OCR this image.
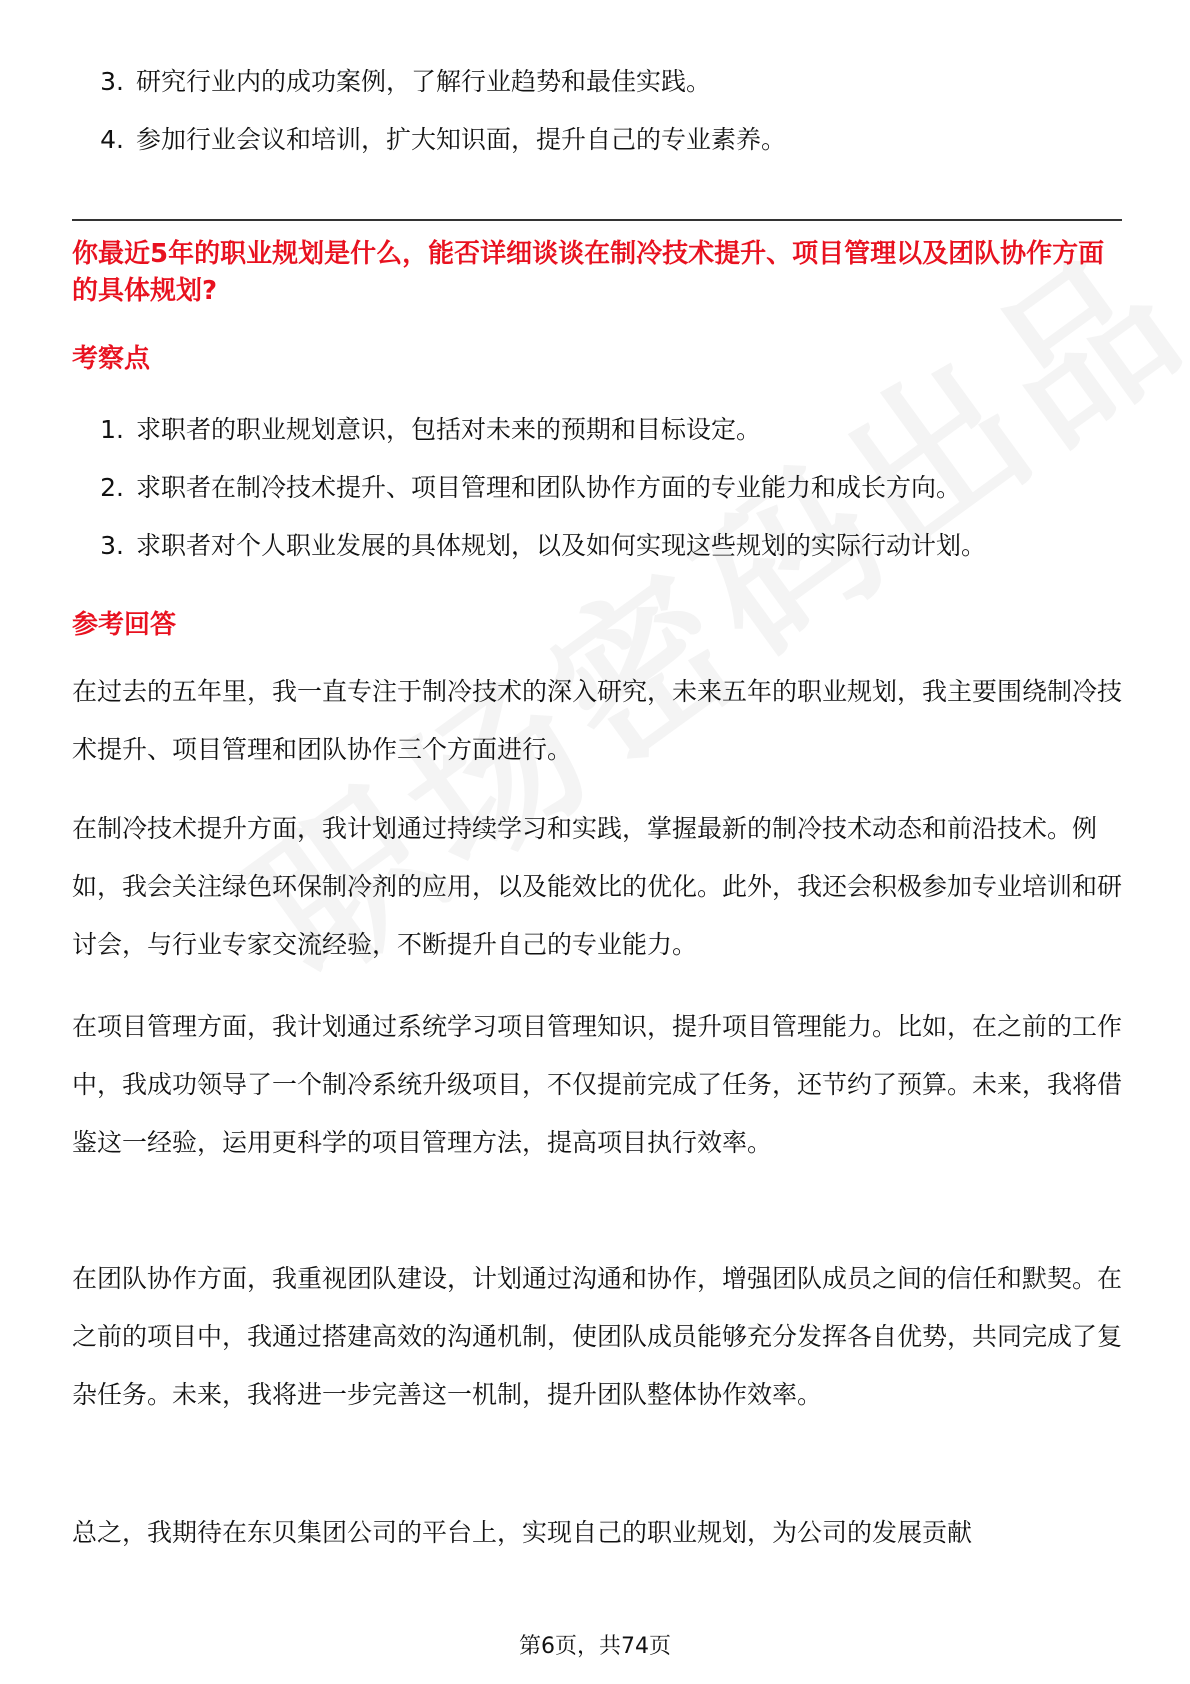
3. 研究行业内的成功案例，了解行业趋势和最佳实践。
4. 参加行业会议和培训，扩大知识面，提升自己的专业素养。
你最近5年的职业规划是什么，能否详细谈谈在制冷技术提升、项目管理以及团队协作方面的具体规划?
考察点
1. 求职者的职业规划意识，包括对未来的预期和目标设定。
2. 求职者在制冷技术提升、项目管理和团队协作方面的专业能力和成长方向。
3. 求职者对个人职业发展的具体规划，以及如何实现这些规划的实际行动计划。
参考回答

在过去的五年里，我一直专注于制冷技术的深入研究，未来五年的职业规划，我主要围绕制冷技术提升、项目管理和团队协作三个方面进行。

在制冷技术提升方面，我计划通过持续学习和实践，掌握最新的制冷技术动态和前沿技术。例如，我会关注绿色环保制冷剂的应用，以及能效比的优化。此外，我还会积极参加专业培训和研讨会，与行业专家交流经验，不断提升自己的专业能力。

在项目管理方面，我计划通过系统学习项目管理知识，提升项目管理能力。比如，在之前的工作中，我成功领导了一个制冷系统升级项目，不仅提前完成了任务，还节约了预算。未来，我将借鉴这一经验，运用更科学的项目管理方法，提高项目执行效率。

在团队协作方面，我重视团队建设，计划通过沟通和协作，增强团队成员之间的信任和默契。在之前的项目中，我通过搭建高效的沟通机制，使团队成员能够充分发挥各自优势，共同完成了复杂任务。未来，我将进一步完善这一机制，提升团队整体协作效率。

总之，我期待在东贝集团公司的平台上，实现自己的职业规划，为公司的发展贡献

第6页，共74页
